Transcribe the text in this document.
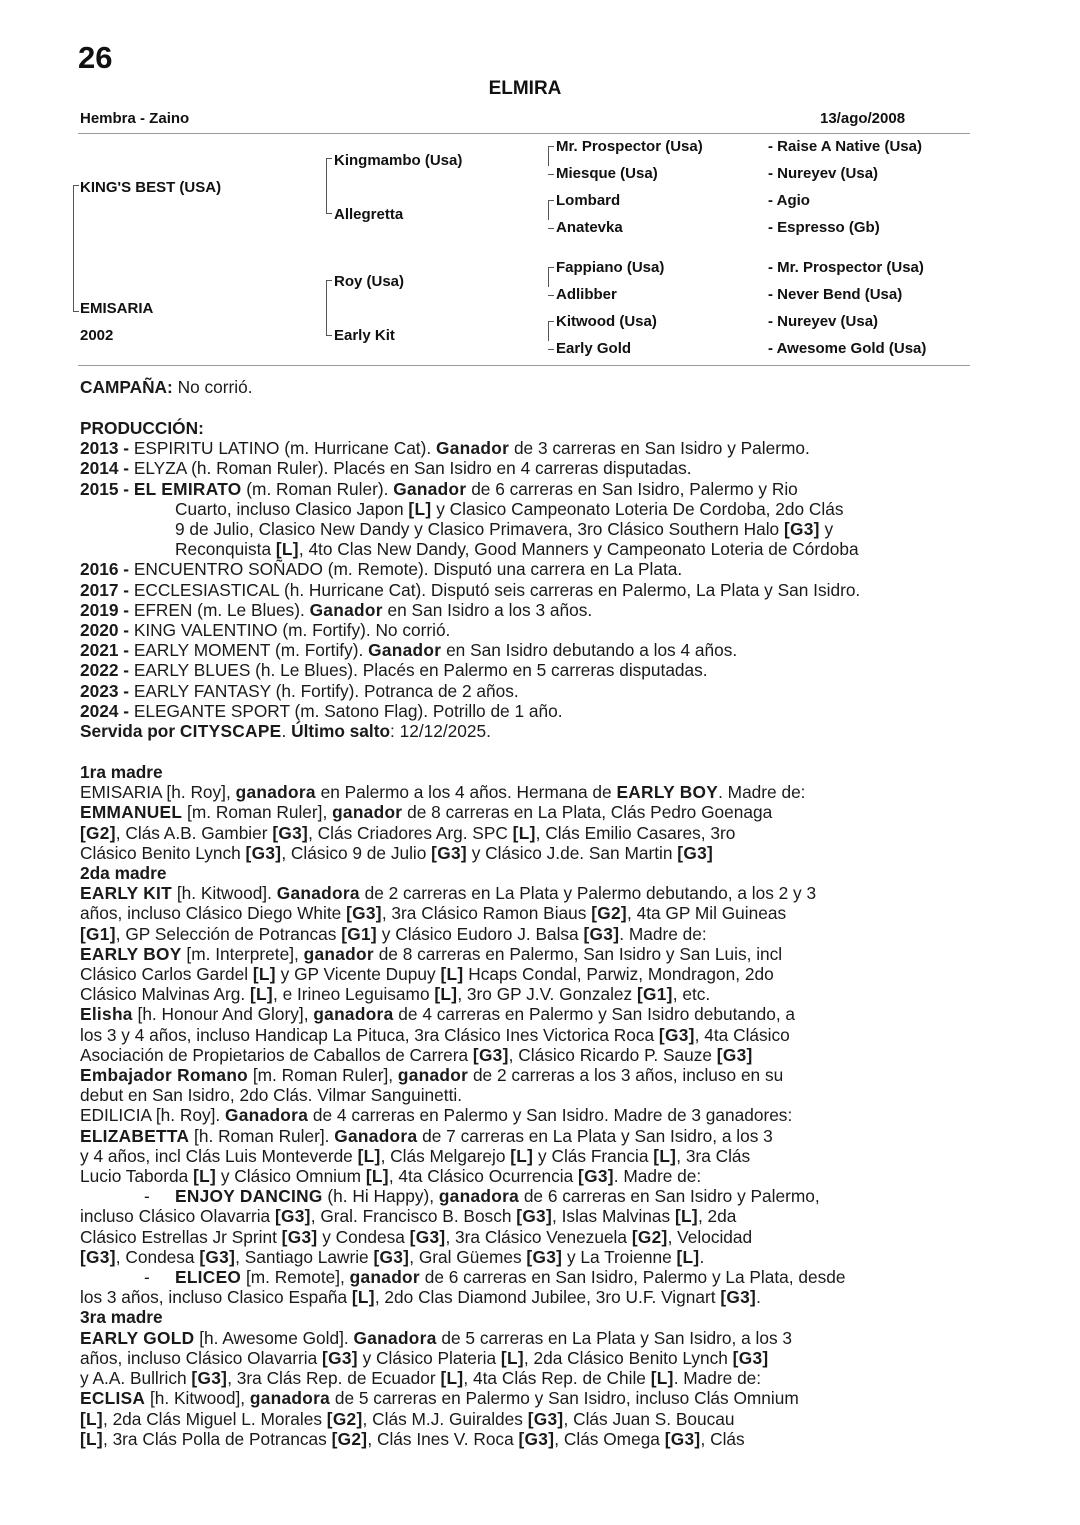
26
ELMIRA
Hembra - Zaino	13/ago/2008
KING'S BEST (USA)
EMISARIA
2002
Kingmambo (Usa)
Allegretta
Roy (Usa)
Early Kit
Mr. Prospector (Usa)
Miesque (Usa)
Lombard
Anatevka
Fappiano (Usa)
Adlibber
Kitwood (Usa)
Early Gold
- Raise A Native (Usa)
- Nureyev (Usa)
- Agio
- Espresso (Gb)
- Mr. Prospector (Usa)
- Never Bend (Usa)
- Nureyev (Usa)
- Awesome Gold (Usa)

CAMPAÑA: No corrió.

PRODUCCIÓN:

2013 - ESPIRITU LATINO (m. Hurricane Cat). Ganador de 3 carreras en San Isidro y Palermo.

2014 - ELYZA (h. Roman Ruler). Placés en San Isidro en 4 carreras disputadas.

2015 - EL EMIRATO (m. Roman Ruler). Ganador de 6 carreras en San Isidro, Palermo y Rio

Cuarto, incluso Clasico Japon [L] y Clasico Campeonato Loteria De Cordoba, 2do Clás

9 de Julio, Clasico New Dandy y Clasico Primavera, 3ro Clásico Southern Halo [G3] y

Reconquista [L], 4to Clas New Dandy, Good Manners y Campeonato Loteria de Córdoba

2016 - ENCUENTRO SOÑADO (m. Remote). Disputó una carrera en La Plata.

2017 - ECCLESIASTICAL (h. Hurricane Cat). Disputó seis carreras en Palermo, La Plata y San Isidro.

2019 - EFREN (m. Le Blues). Ganador en San Isidro a los 3 años.

2020 - KING VALENTINO (m. Fortify). No corrió.

2021 - EARLY MOMENT (m. Fortify). Ganador en San Isidro debutando a los 4 años.

2022 - EARLY BLUES (h. Le Blues). Placés en Palermo en 5 carreras disputadas.

2023 - EARLY FANTASY (h. Fortify). Potranca de 2 años.

2024 - ELEGANTE SPORT (m. Satono Flag). Potrillo de 1 año.

Servida por CITYSCAPE. Último salto: 12/12/2025.

1ra madre

EMISARIA [h. Roy], ganadora en Palermo a los 4 años. Hermana de EARLY BOY. Madre de:

EMMANUEL [m. Roman Ruler], ganador de 8 carreras en La Plata, Clás Pedro Goenaga

[G2], Clás A.B. Gambier [G3], Clás Criadores Arg. SPC [L], Clás Emilio Casares, 3ro

Clásico Benito Lynch [G3], Clásico 9 de Julio [G3] y Clásico J.de. San Martin [G3]

2da madre

EARLY KIT [h. Kitwood]. Ganadora de 2 carreras en La Plata y Palermo debutando, a los 2 y 3

años, incluso Clásico Diego White [G3], 3ra Clásico Ramon Biaus [G2], 4ta GP Mil Guineas

[G1], GP Selección de Potrancas [G1] y Clásico Eudoro J. Balsa [G3]. Madre de:

EARLY BOY [m. Interprete], ganador de 8 carreras en Palermo, San Isidro y San Luis, incl

Clásico Carlos Gardel [L] y GP Vicente Dupuy [L] Hcaps Condal, Parwiz, Mondragon, 2do

Clásico Malvinas Arg. [L], e Irineo Leguisamo [L], 3ro GP J.V. Gonzalez [G1], etc.

Elisha [h. Honour And Glory], ganadora de 4 carreras en Palermo y San Isidro debutando, a

los 3 y 4 años, incluso Handicap La Pituca, 3ra Clásico Ines Victorica Roca [G3], 4ta Clásico

Asociación de Propietarios de Caballos de Carrera [G3], Clásico Ricardo P. Sauze [G3]

Embajador Romano [m. Roman Ruler], ganador de 2 carreras a los 3 años, incluso en su

debut en San Isidro, 2do Clás. Vilmar Sanguinetti.

EDILICIA [h. Roy]. Ganadora de 4 carreras en Palermo y San Isidro. Madre de 3 ganadores:

ELIZABETTA [h. Roman Ruler]. Ganadora de 7 carreras en La Plata y San Isidro, a los 3

y 4 años, incl Clás Luis Monteverde [L], Clás Melgarejo [L] y Clás Francia [L], 3ra Clás

Lucio Taborda [L] y Clásico Omnium [L], 4ta Clásico Ocurrencia [G3]. Madre de:

- ENJOY DANCING (h. Hi Happy), ganadora de 6 carreras en San Isidro y Palermo,

incluso Clásico Olavarria [G3], Gral. Francisco B. Bosch [G3], Islas Malvinas [L], 2da

Clásico Estrellas Jr Sprint [G3] y Condesa [G3], 3ra Clásico Venezuela [G2], Velocidad

[G3], Condesa [G3], Santiago Lawrie [G3], Gral Güemes [G3] y La Troienne [L].

- ELICEO [m. Remote], ganador de 6 carreras en San Isidro, Palermo y La Plata, desde

los 3 años, incluso Clasico España [L], 2do Clas Diamond Jubilee, 3ro U.F. Vignart [G3].

3ra madre

EARLY GOLD [h. Awesome Gold]. Ganadora de 5 carreras en La Plata y San Isidro, a los 3

años, incluso Clásico Olavarria [G3] y Clásico Plateria [L], 2da Clásico Benito Lynch [G3]

y A.A. Bullrich [G3], 3ra Clás Rep. de Ecuador [L], 4ta Clás Rep. de Chile [L]. Madre de:

ECLISA [h. Kitwood], ganadora de 5 carreras en Palermo y San Isidro, incluso Clás Omnium

[L], 2da Clás Miguel L. Morales [G2], Clás M.J. Guiraldes [G3], Clás Juan S. Boucau

[L], 3ra Clás Polla de Potrancas [G2], Clás Ines V. Roca [G3], Clás Omega [G3], Clás
